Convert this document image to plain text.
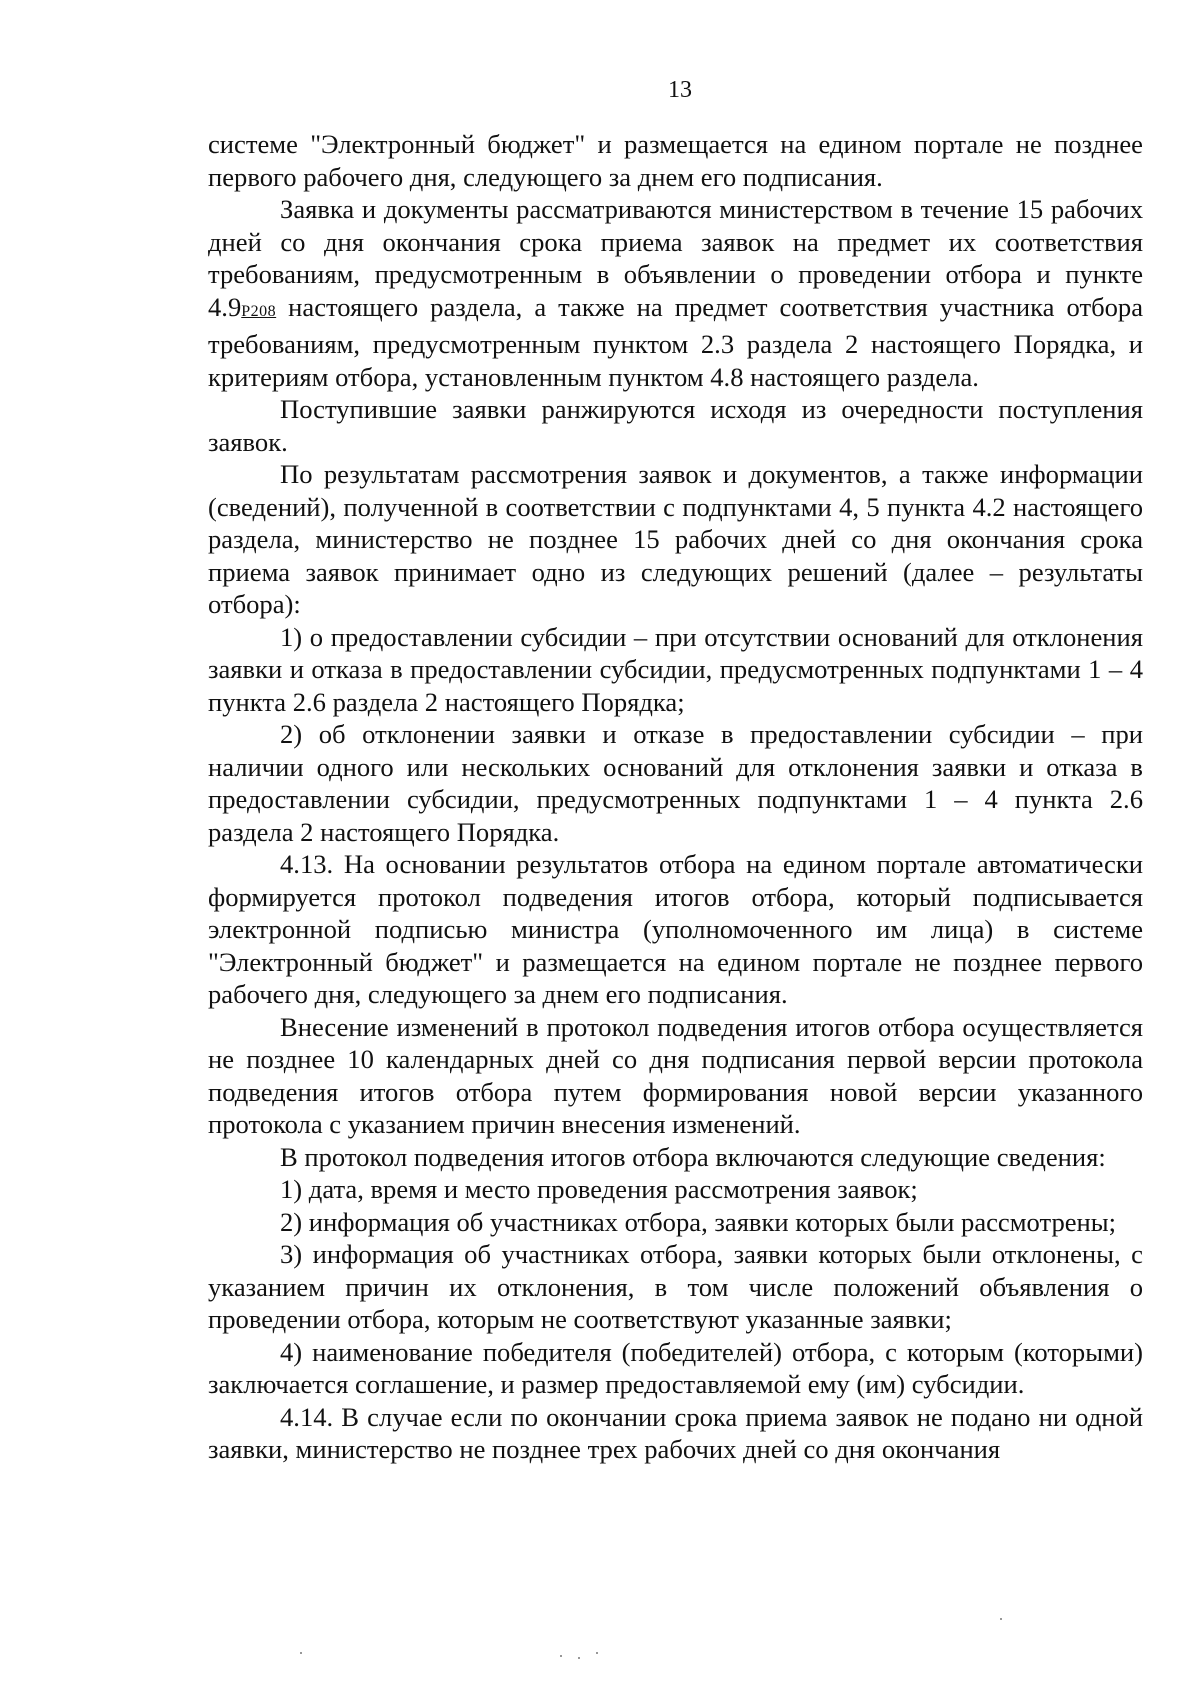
13

системе "Электронный бюджет" и размещается на едином портале не позднее первого рабочего дня, следующего за днем его подписания.

Заявка и документы рассматриваются министерством в течение 15 рабочих дней со дня окончания срока приема заявок на предмет их соответствия требованиям, предусмотренным в объявлении о проведении отбора и пункте 4.9P208 настоящего раздела, а также на предмет соответствия участника отбора требованиям, предусмотренным пунктом 2.3 раздела 2 настоящего Порядка, и критериям отбора, установленным пунктом 4.8 настоящего раздела.

Поступившие заявки ранжируются исходя из очередности поступления заявок.

По результатам рассмотрения заявок и документов, а также информации (сведений), полученной в соответствии с подпунктами 4, 5 пункта 4.2 настоящего раздела, министерство не позднее 15 рабочих дней со дня окончания срока приема заявок принимает одно из следующих решений (далее – результаты отбора):

1) о предоставлении субсидии – при отсутствии оснований для отклонения заявки и отказа в предоставлении субсидии, предусмотренных подпунктами 1 – 4 пункта 2.6 раздела 2 настоящего Порядка;

2) об отклонении заявки и отказе в предоставлении субсидии – при наличии одного или нескольких оснований для отклонения заявки и отказа в предоставлении субсидии, предусмотренных подпунктами 1 – 4 пункта 2.6 раздела 2 настоящего Порядка.

4.13. На основании результатов отбора на едином портале автоматически формируется протокол подведения итогов отбора, который подписывается электронной подписью министра (уполномоченного им лица) в системе "Электронный бюджет" и размещается на едином портале не позднее первого рабочего дня, следующего за днем его подписания.

Внесение изменений в протокол подведения итогов отбора осуществляется не позднее 10 календарных дней со дня подписания первой версии протокола подведения итогов отбора путем формирования новой версии указанного протокола с указанием причин внесения изменений.

В протокол подведения итогов отбора включаются следующие сведения:

1) дата, время и место проведения рассмотрения заявок;

2) информация об участниках отбора, заявки которых были рассмотрены;

3) информация об участниках отбора, заявки которых были отклонены, с указанием причин их отклонения, в том числе положений объявления о проведении отбора, которым не соответствуют указанные заявки;

4) наименование победителя (победителей) отбора, с которым (которыми) заключается соглашение, и размер предоставляемой ему (им) субсидии.

4.14. В случае если по окончании срока приема заявок не подано ни одной заявки, министерство не позднее трех рабочих дней со дня окончания
